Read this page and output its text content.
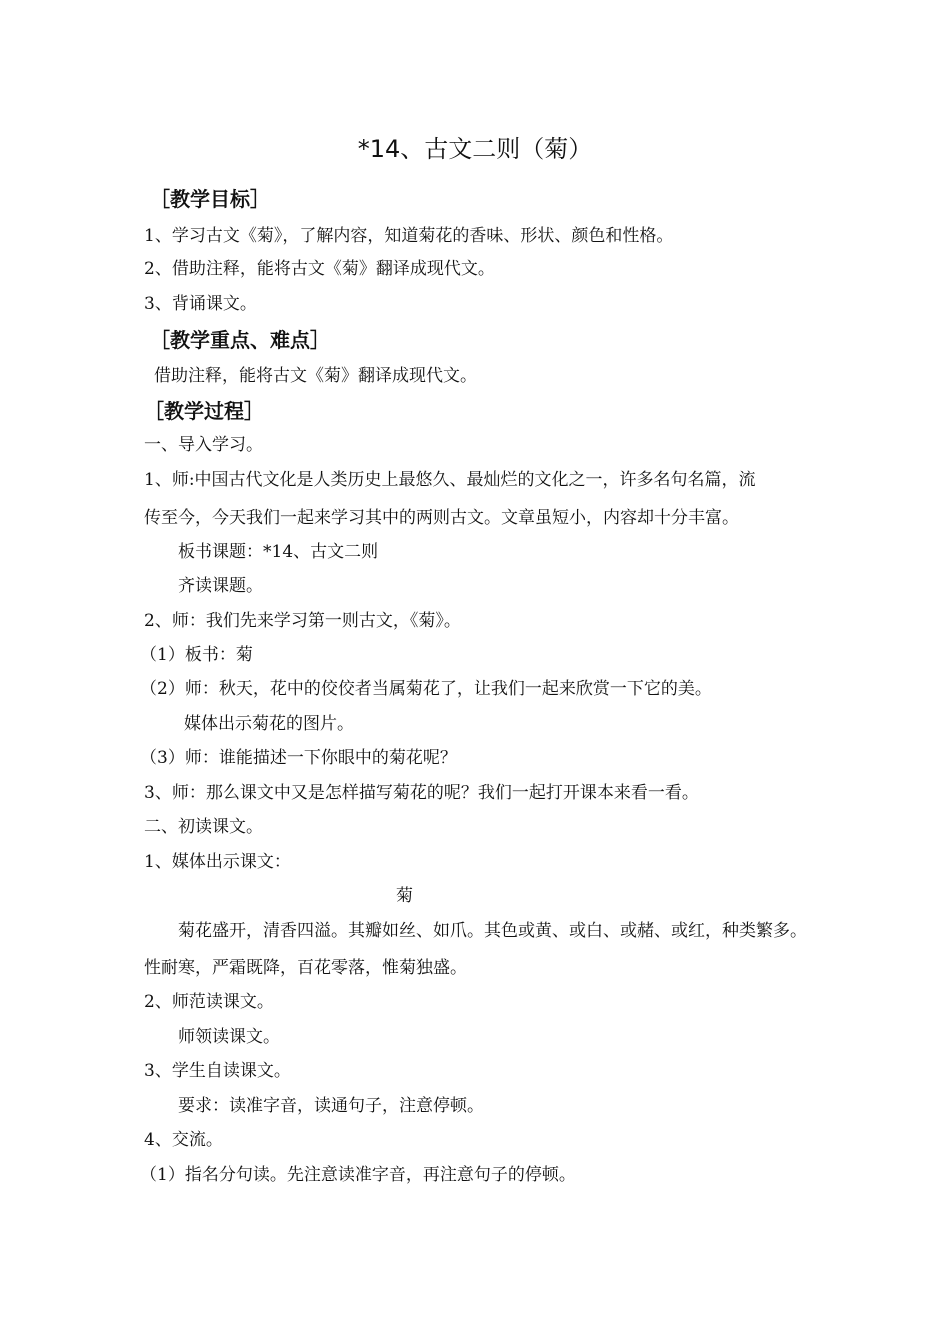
*14、古文二则（菊）
［教学目标］
1、学习古文《菊》，了解内容，知道菊花的香味、形状、颜色和性格。
2、借助注释，能将古文《菊》翻译成现代文。
3、背诵课文。
［教学重点、难点］
借助注释，能将古文《菊》翻译成现代文。
［教学过程］
一、导入学习。
1、师:中国古代文化是人类历史上最悠久、最灿烂的文化之一，许多名句名篇，流
传至今，今天我们一起来学习其中的两则古文。文章虽短小，内容却十分丰富。
板书课题：*14、古文二则
齐读课题。
2、师：我们先来学习第一则古文，《菊》。
（1）板书：菊
（2）师：秋天，花中的佼佼者当属菊花了，让我们一起来欣赏一下它的美。
媒体出示菊花的图片。
（3）师：谁能描述一下你眼中的菊花呢？
3、师：那么课文中又是怎样描写菊花的呢？我们一起打开课本来看一看。
二、初读课文。
1、媒体出示课文：
菊
菊花盛开，清香四溢。其瓣如丝、如爪。其色或黄、或白、或赭、或红，种类繁多。
性耐寒，严霜既降，百花零落，惟菊独盛。
2、师范读课文。
师领读课文。
3、学生自读课文。
要求：读准字音，读通句子，注意停顿。
4、交流。
（1）指名分句读。先注意读准字音，再注意句子的停顿。
